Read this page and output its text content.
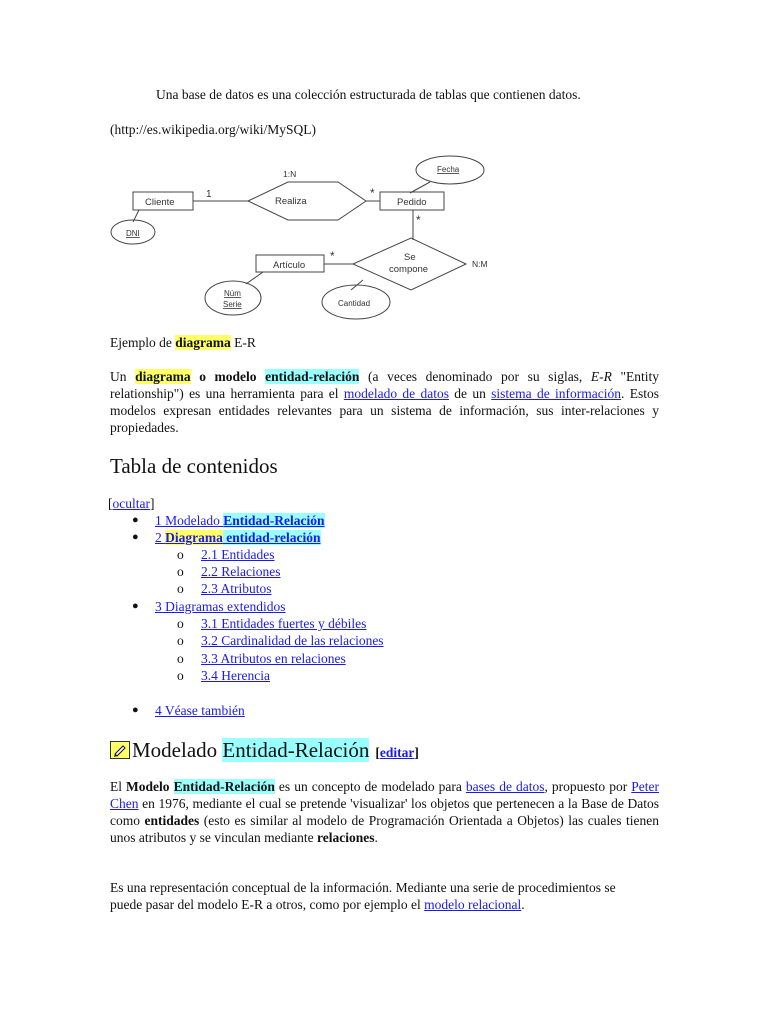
Una base de datos es una colección estructurada de tablas que contienen datos.
(http://es.wikipedia.org/wiki/MySQL)
Cliente	Pedido
Artículo
Realiza
Se
compone
Fecha
DNI
Núm
Serie	Cantidad
1:N
1	*
*
*
N:M
Ejemplo de diagrama E-R
Un diagrama o modelo entidad-relación (a veces denominado por su siglas, E-R "Entity relationship") es una herramienta para el modelado de datos de un sistema de información. Estos modelos expresan entidades relevantes para un sistema de información, sus inter-relaciones y propiedades.
Tabla de contenidos
[ocultar]
● 1 Modelado Entidad-Relación
● 2 Diagrama entidad-relación
o 2.1 Entidades
o 2.2 Relaciones
o 2.3 Atributos
● 3 Diagramas extendidos
o 3.1 Entidades fuertes y débiles
o 3.2 Cardinalidad de las relaciones
o 3.3 Atributos en relaciones
o 3.4 Herencia
● 4 Véase también
Modelado Entidad-Relación [editar]
El Modelo Entidad-Relación es un concepto de modelado para bases de datos, propuesto por Peter Chen en 1976, mediante el cual se pretende 'visualizar' los objetos que pertenecen a la Base de Datos como entidades (esto es similar al modelo de Programación Orientada a Objetos) las cuales tienen unos atributos y se vinculan mediante relaciones.
Es una representación conceptual de la información. Mediante una serie de procedimientos se puede pasar del modelo E-R a otros, como por ejemplo el modelo relacional.
